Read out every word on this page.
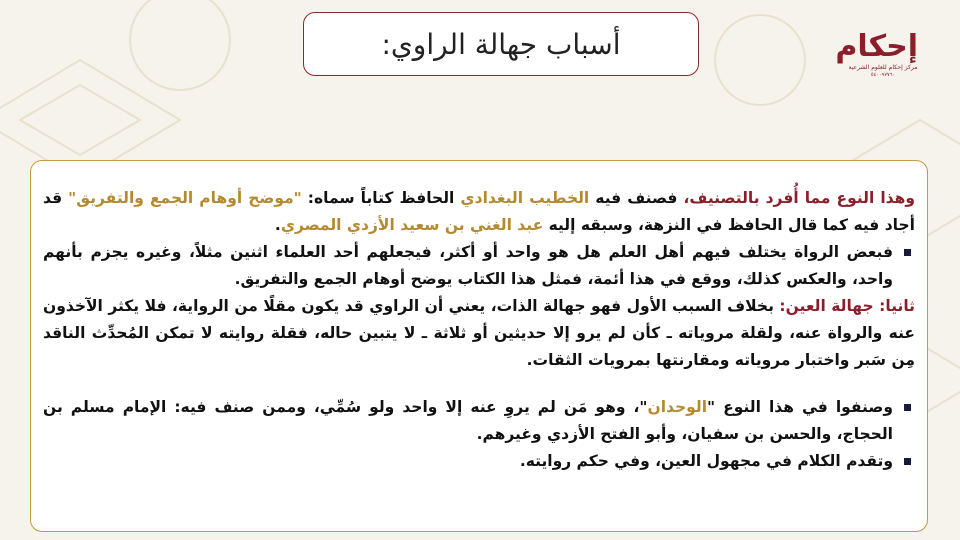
أسباب جهالة الراوي:	إحكام
مركز إحكام للعلوم الشرعية
٥٤٠٠٩٧٧٦٠

وهذا النوع مما أُفرد بالتصنيف، فصنف فيه الخطيب البغدادي الحافظ كتاباً سماه: "موضح أوهام الجمع والتفريق" قد أجاد فيه كما قال الحافظ في النزهة، وسبقه إليه عبد الغني بن سعيد الأزدي المصري.

فبعض الرواة يختلف فيهم أهل العلم هل هو واحد أو أكثر، فيجعلهم أحد العلماء اثنين مثلاً، وغيره يجزم بأنهم واحد، والعكس كذلك، ووقع في هذا أئمة، فمثل هذا الكتاب يوضح أوهام الجمع والتفريق.

ثانيا: جهالة العين: بخلاف السبب الأول فهو جهالة الذات، يعني أن الراوي قد يكون مقلًا من الرواية، فلا يكثر الآخذون عنه والرواة عنه، ولقلة مروياته ـ كأن لم يرو إلا حديثين أو ثلاثة ـ لا يتبين حاله، فقلة روايته لا تمكن المُحدِّث الناقد مِن سَبر واختبار مروياته ومقارنتها بمرويات الثقات.

وصنفوا في هذا النوع "الوحدان"، وهو مَن لم يروِ عنه إلا واحد ولو سُمِّي، وممن صنف فيه: الإمام مسلم بن الحجاج، والحسن بن سفيان، وأبو الفتح الأزدي وغيرهم.
وتقدم الكلام في مجهول العين، وفي حكم روايته.
